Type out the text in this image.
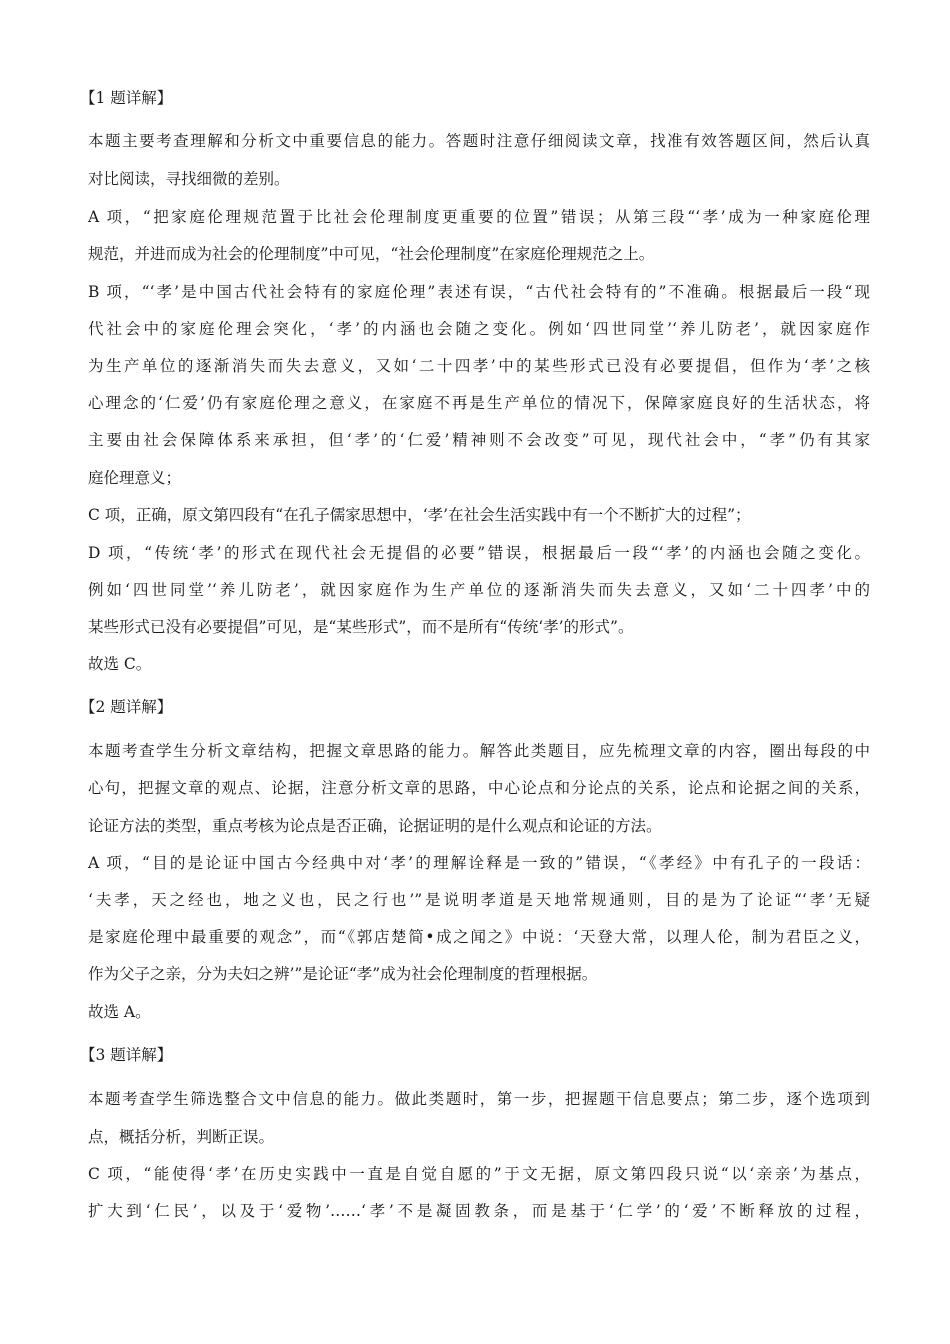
【1 题详解】
本题主要考查理解和分析文中重要信息的能力。答题时注意仔细阅读文章，找准有效答题区间，然后认真
对比阅读，寻找细微的差别。
A 项，“把家庭伦理规范置于比社会伦理制度更重要的位置”错误；从第三段“‘孝’成为一种家庭伦理
规范，并进而成为社会的伦理制度”中可见，“社会伦理制度”在家庭伦理规范之上。
B 项，“‘孝’是中国古代社会特有的家庭伦理”表述有误，“古代社会特有的”不准确。根据最后一段“现
代社会中的家庭伦理会突化，‘孝’的内涵也会随之变化。例如‘四世同堂’‘养儿防老’，就因家庭作
为生产单位的逐渐消失而失去意义，又如‘二十四孝’中的某些形式已没有必要提倡，但作为‘孝’之核
心理念的‘仁爱’仍有家庭伦理之意义，在家庭不再是生产单位的情况下，保障家庭良好的生活状态，将
主要由社会保障体系来承担，但‘孝’的‘仁爱’精神则不会改变”可见，现代社会中，“孝”仍有其家
庭伦理意义；
C 项，正确，原文第四段有“在孔子儒家思想中，‘孝’在社会生活实践中有一个不断扩大的过程”；
D 项，“传统‘孝’的形式在现代社会无提倡的必要”错误，根据最后一段“‘孝’的内涵也会随之变化。
例如‘四世同堂’‘养儿防老’，就因家庭作为生产单位的逐渐消失而失去意义，又如‘二十四孝’中的
某些形式已没有必要提倡”可见，是“某些形式”，而不是所有“传统‘孝’的形式”。
故选 C。
【2 题详解】
本题考查学生分析文章结构，把握文章思路的能力。解答此类题目，应先梳理文章的内容，圈出每段的中
心句，把握文章的观点、论据，注意分析文章的思路，中心论点和分论点的关系，论点和论据之间的关系，
论证方法的类型，重点考核为论点是否正确，论据证明的是什么观点和论证的方法。
A 项，“目的是论证中国古今经典中对‘孝’的理解诠释是一致的”错误，“《孝经》中有孔子的一段话：
‘夫孝，天之经也，地之义也，民之行也’”是说明孝道是天地常规通则，目的是为了论证“‘孝’无疑
是家庭伦理中最重要的观念”，而“《郭店楚简•成之闻之》中说：‘天登大常，以理人伦，制为君臣之义，
作为父子之亲，分为夫妇之辨’”是论证“孝”成为社会伦理制度的哲理根据。
故选 A。
【3 题详解】
本题考查学生筛选整合文中信息的能力。做此类题时，第一步，把握题干信息要点；第二步，逐个选项到
点，概括分析，判断正误。
C 项，“能使得‘孝’在历史实践中一直是自觉自愿的”于文无据，原文第四段只说“以‘亲亲’为基点，
扩大到‘仁民’，以及于‘爱物’……‘孝’不是凝固教条，而是基于‘仁学’的‘爱’不断释放的过程，
